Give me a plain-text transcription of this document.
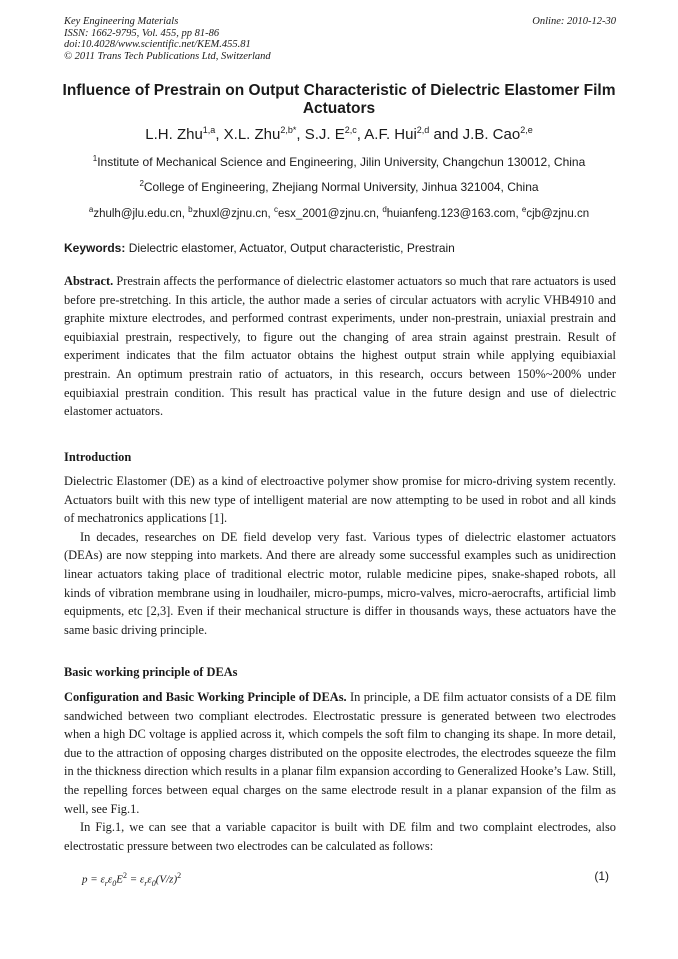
Key Engineering Materials
ISSN: 1662-9795, Vol. 455, pp 81-86
doi:10.4028/www.scientific.net/KEM.455.81
© 2011 Trans Tech Publications Ltd, Switzerland
Online: 2010-12-30
Influence of Prestrain on Output Characteristic of Dielectric Elastomer Film Actuators
L.H. Zhu$^{1,a}$, X.L. Zhu$^{2,b*}$, S.J. E$^{2,c}$, A.F. Hui$^{2,d}$ and J.B. Cao$^{2,e}$
$^1$Institute of Mechanical Science and Engineering, Jilin University, Changchun 130012, China
$^2$College of Engineering, Zhejiang Normal University, Jinhua 321004, China
$^a$zhulh@jlu.edu.cn, $^b$zhuxl@zjnu.cn, $^c$esx_2001@zjnu.cn, $^d$huianfeng.123@163.com, $^e$cjb@zjnu.cn
Keywords: Dielectric elastomer, Actuator, Output characteristic, Prestrain
Abstract. Prestrain affects the performance of dielectric elastomer actuators so much that rare actuators is used before pre-stretching. In this article, the author made a series of circular actuators with acrylic VHB4910 and graphite mixture electrodes, and performed contrast experiments, under non-prestrain, uniaxial prestrain and equibiaxial prestrain, respectively, to figure out the changing of area strain against prestrain. Result of experiment indicates that the film actuator obtains the highest output strain while applying equibiaxial prestrain. An optimum prestrain ratio of actuators, in this research, occurs between 150%~200% under equibiaxial prestrain condition. This result has practical value in the future design and use of dielectric elastomer actuators.
Introduction

Dielectric Elastomer (DE) as a kind of electroactive polymer show promise for micro-driving system recently. Actuators built with this new type of intelligent material are now attempting to be used in robot and all kinds of mechatronics applications [1].

In decades, researches on DE field develop very fast. Various types of dielectric elastomer actuators (DEAs) are now stepping into markets. And there are already some successful examples such as unidirection linear actuators taking place of traditional electric motor, rulable medicine pipes, snake-shaped robots, all kinds of vibration membrane using in loudhailer, micro-pumps, micro-valves, micro-aerocrafts, artificial limb equipments, etc [2,3]. Even if their mechanical structure is differ in thousands ways, these actuators have the same basic driving principle.

Basic working principle of DEAs

Configuration and Basic Working Principle of DEAs. In principle, a DE film actuator consists of a DE film sandwiched between two compliant electrodes. Electrostatic pressure is generated between two electrodes when a high DC voltage is applied across it, which compels the soft film to changing its shape. In more detail, due to the attraction of opposing charges distributed on the opposite electrodes, the electrodes squeeze the film in the thickness direction which results in a planar film expansion according to Generalized Hooke’s Law. Still, the repelling forces between equal charges on the same electrode result in a planar expansion of the film as well, see Fig.1.

In Fig.1, we can see that a variable capacitor is built with DE film and two complaint electrodes, also electrostatic pressure between two electrodes can be calculated as follows:

$p = \varepsilon_r\varepsilon_0E^2 = \varepsilon_r\varepsilon_0(V/z)^2$	(1)
